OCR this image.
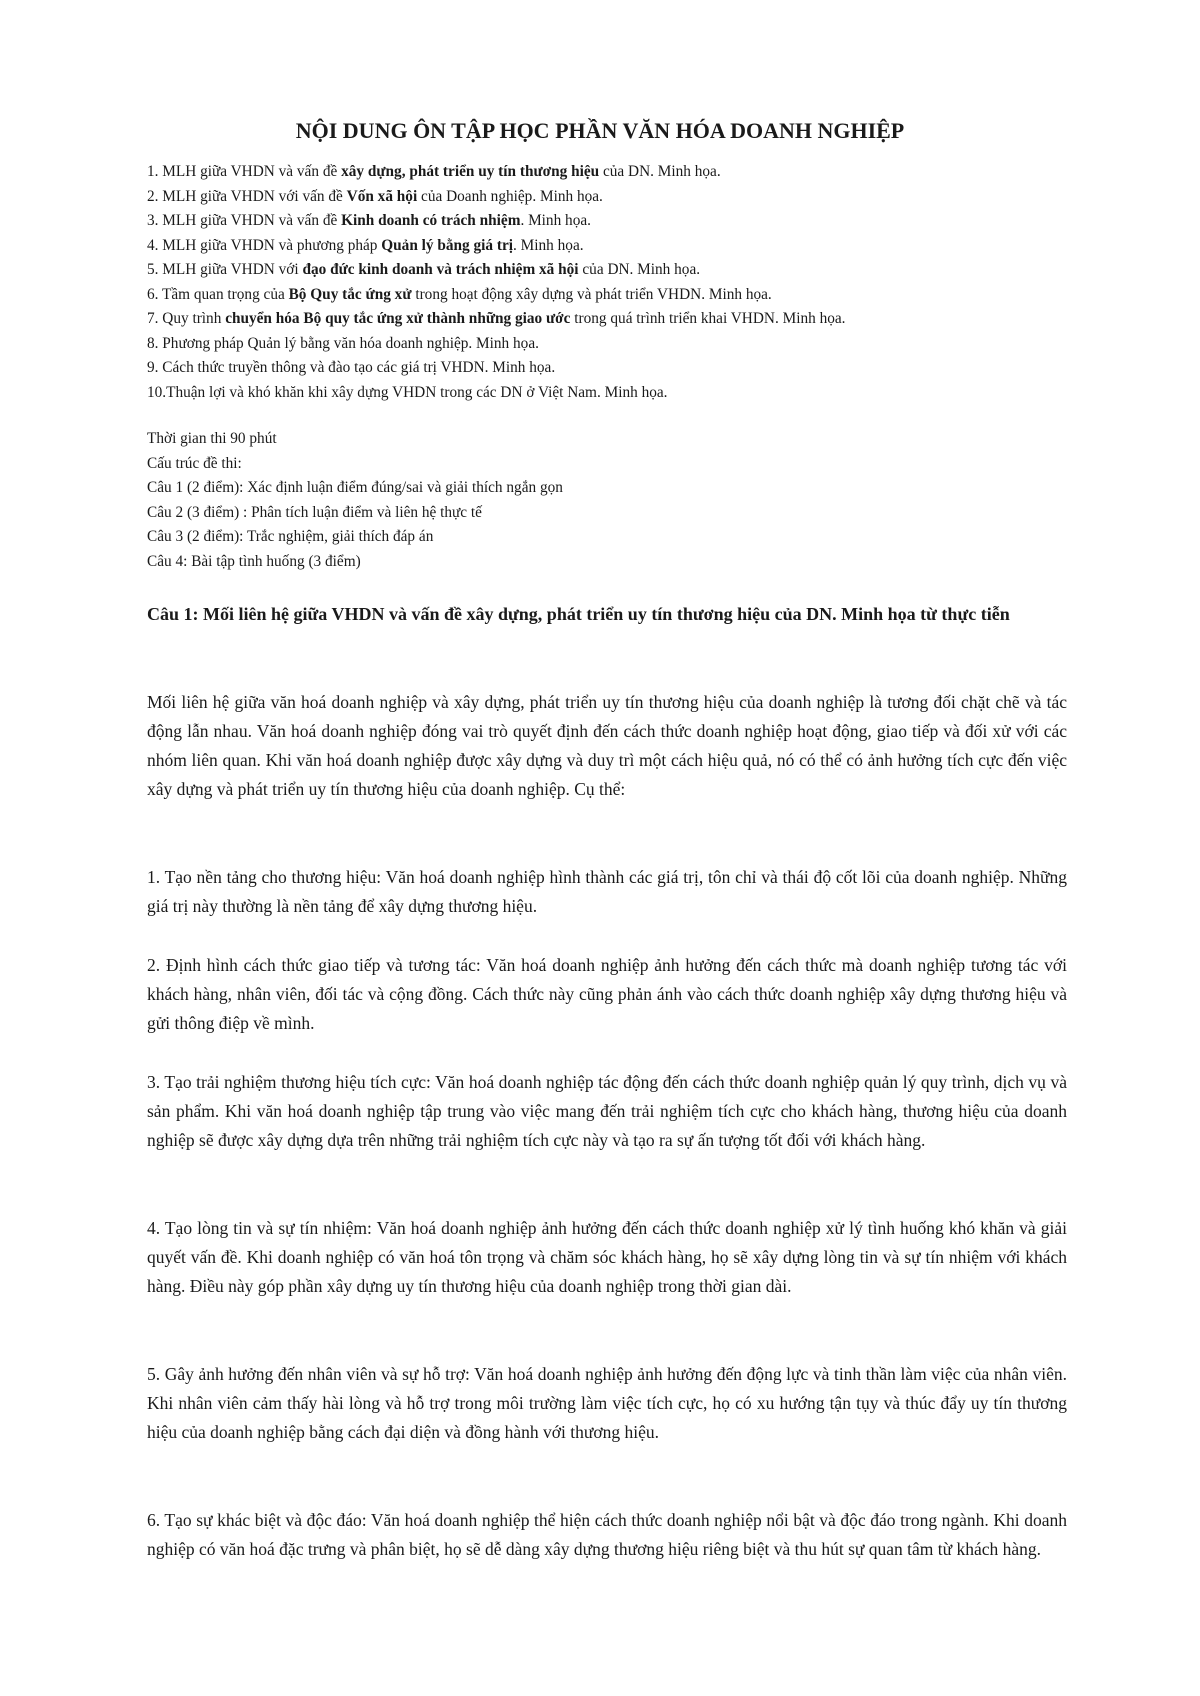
NỘI DUNG ÔN TẬP HỌC PHẦN VĂN HÓA DOANH NGHIỆP
1. MLH giữa VHDN và vấn đề xây dựng, phát triển uy tín thương hiệu của DN. Minh họa.
2. MLH giữa VHDN với vấn đề Vốn xã hội của Doanh nghiệp. Minh họa.
3. MLH giữa VHDN và vấn đề Kinh doanh có trách nhiệm. Minh họa.
4. MLH giữa VHDN và phương pháp Quản lý bằng giá trị. Minh họa.
5. MLH giữa VHDN với đạo đức kinh doanh và trách nhiệm xã hội của DN. Minh họa.
6. Tầm quan trọng của Bộ Quy tắc ứng xử trong hoạt động xây dựng và phát triển VHDN. Minh họa.
7. Quy trình chuyển hóa Bộ quy tắc ứng xử thành những giao ước trong quá trình triển khai VHDN. Minh họa.
8. Phương pháp Quản lý bằng văn hóa doanh nghiệp. Minh họa.
9. Cách thức truyền thông và đào tạo các giá trị VHDN. Minh họa.
10.Thuận lợi và khó khăn khi xây dựng VHDN trong các DN ở Việt Nam. Minh họa.
Thời gian thi 90 phút
Cấu trúc đề thi:
Câu 1 (2 điểm): Xác định luận điểm đúng/sai và giải thích ngắn gọn
Câu 2 (3 điểm) : Phân tích luận điểm và liên hệ thực tế
Câu 3 (2 điểm): Trắc nghiệm, giải thích đáp án
Câu 4: Bài tập tình huống (3 điểm)
Câu 1: Mối liên hệ giữa VHDN và vấn đề xây dựng, phát triển uy tín thương hiệu của DN. Minh họa từ thực tiễn

Mối liên hệ giữa văn hoá doanh nghiệp và xây dựng, phát triển uy tín thương hiệu của doanh nghiệp là tương đối chặt chẽ và tác động lẫn nhau. Văn hoá doanh nghiệp đóng vai trò quyết định đến cách thức doanh nghiệp hoạt động, giao tiếp và đối xử với các nhóm liên quan. Khi văn hoá doanh nghiệp được xây dựng và duy trì một cách hiệu quả, nó có thể có ảnh hưởng tích cực đến việc xây dựng và phát triển uy tín thương hiệu của doanh nghiệp. Cụ thể:

1. Tạo nền tảng cho thương hiệu: Văn hoá doanh nghiệp hình thành các giá trị, tôn chỉ và thái độ cốt lõi của doanh nghiệp. Những giá trị này thường là nền tảng để xây dựng thương hiệu.

2. Định hình cách thức giao tiếp và tương tác: Văn hoá doanh nghiệp ảnh hưởng đến cách thức mà doanh nghiệp tương tác với khách hàng, nhân viên, đối tác và cộng đồng. Cách thức này cũng phản ánh vào cách thức doanh nghiệp xây dựng thương hiệu và gửi thông điệp về mình.

3. Tạo trải nghiệm thương hiệu tích cực: Văn hoá doanh nghiệp tác động đến cách thức doanh nghiệp quản lý quy trình, dịch vụ và sản phẩm. Khi văn hoá doanh nghiệp tập trung vào việc mang đến trải nghiệm tích cực cho khách hàng, thương hiệu của doanh nghiệp sẽ được xây dựng dựa trên những trải nghiệm tích cực này và tạo ra sự ấn tượng tốt đối với khách hàng.

4. Tạo lòng tin và sự tín nhiệm: Văn hoá doanh nghiệp ảnh hưởng đến cách thức doanh nghiệp xử lý tình huống khó khăn và giải quyết vấn đề. Khi doanh nghiệp có văn hoá tôn trọng và chăm sóc khách hàng, họ sẽ xây dựng lòng tin và sự tín nhiệm với khách hàng. Điều này góp phần xây dựng uy tín thương hiệu của doanh nghiệp trong thời gian dài.

5. Gây ảnh hưởng đến nhân viên và sự hỗ trợ: Văn hoá doanh nghiệp ảnh hưởng đến động lực và tinh thần làm việc của nhân viên. Khi nhân viên cảm thấy hài lòng và hỗ trợ trong môi trường làm việc tích cực, họ có xu hướng tận tụy và thúc đẩy uy tín thương hiệu của doanh nghiệp bằng cách đại diện và đồng hành với thương hiệu.

6. Tạo sự khác biệt và độc đáo: Văn hoá doanh nghiệp thể hiện cách thức doanh nghiệp nổi bật và độc đáo trong ngành. Khi doanh nghiệp có văn hoá đặc trưng và phân biệt, họ sẽ dễ dàng xây dựng thương hiệu riêng biệt và thu hút sự quan tâm từ khách hàng.
